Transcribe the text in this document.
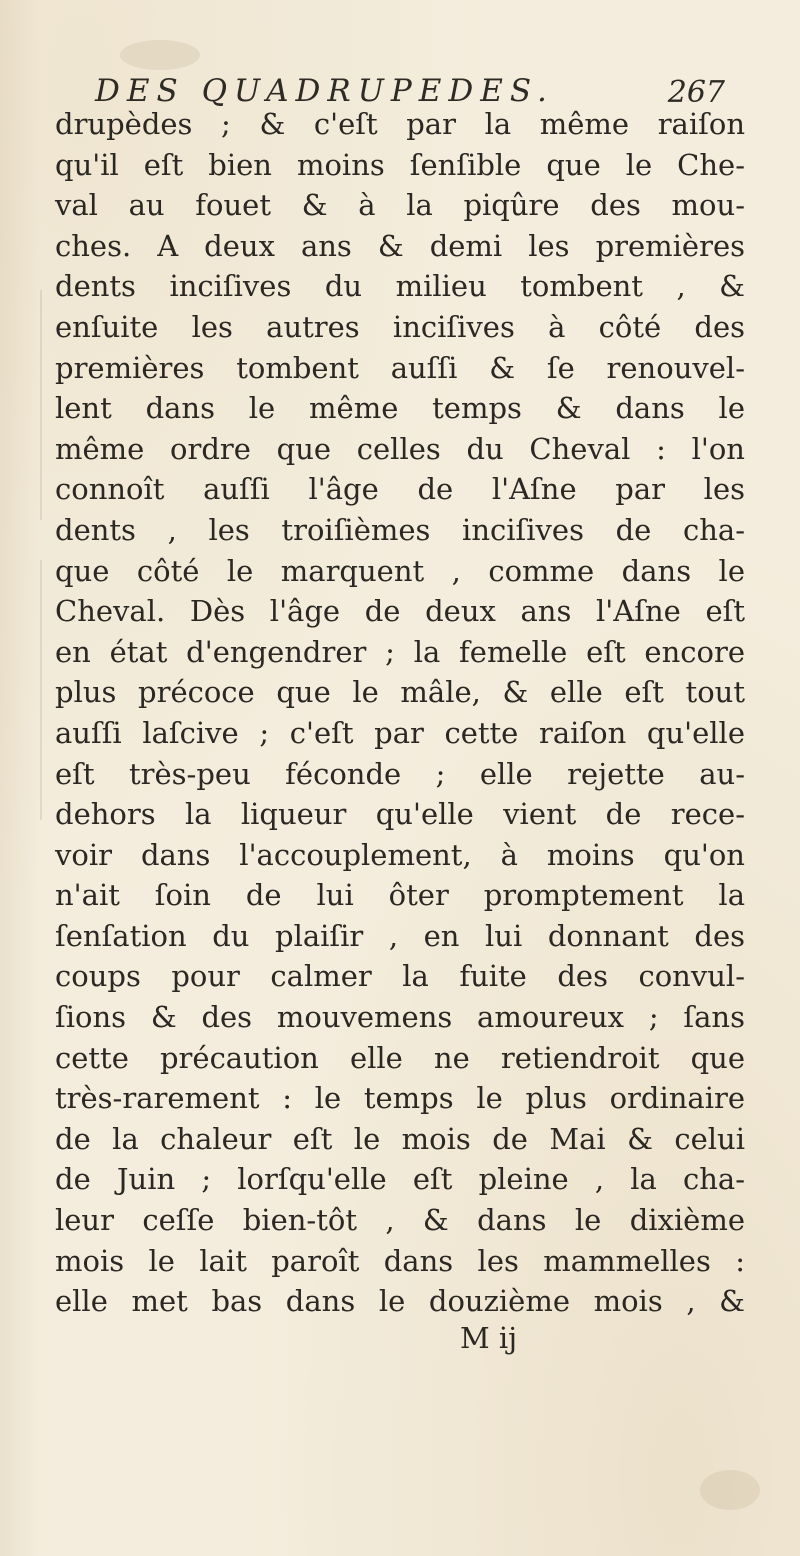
DES QUADRUPEDES.	267
drupèdes ; & c'eſt par la même raiſon
qu'il eſt bien moins ſenſible que le Che-
val au fouet & à la piqûre des mou-
ches. A deux ans & demi les premières
dents inciſives du milieu tombent , &
enſuite les autres inciſives à côté des
premières tombent auſſi & ſe renouvel-
lent dans le même temps & dans le
même ordre que celles du Cheval : l'on
connoît auſſi l'âge de l'Aſne par les
dents , les troiſièmes inciſives de cha-
que côté le marquent , comme dans le
Cheval. Dès l'âge de deux ans l'Aſne eſt
en état d'engendrer ; la femelle eſt encore
plus précoce que le mâle, & elle eſt tout
auſſi laſcive ; c'eſt par cette raiſon qu'elle
eſt très-peu féconde ; elle rejette au-
dehors la liqueur qu'elle vient de rece-
voir dans l'accouplement, à moins qu'on
n'ait ſoin de lui ôter promptement la
ſenſation du plaiſir , en lui donnant des
coups pour calmer la fuite des convul-
ſions & des mouvemens amoureux ; ſans
cette précaution elle ne retiendroit que
très-rarement : le temps le plus ordinaire
de la chaleur eſt le mois de Mai & celui
de Juin ; lorſqu'elle eſt pleine , la cha-
leur ceſſe bien-tôt , & dans le dixième
mois le lait paroît dans les mammelles :
elle met bas dans le douzième mois , &
M ij
